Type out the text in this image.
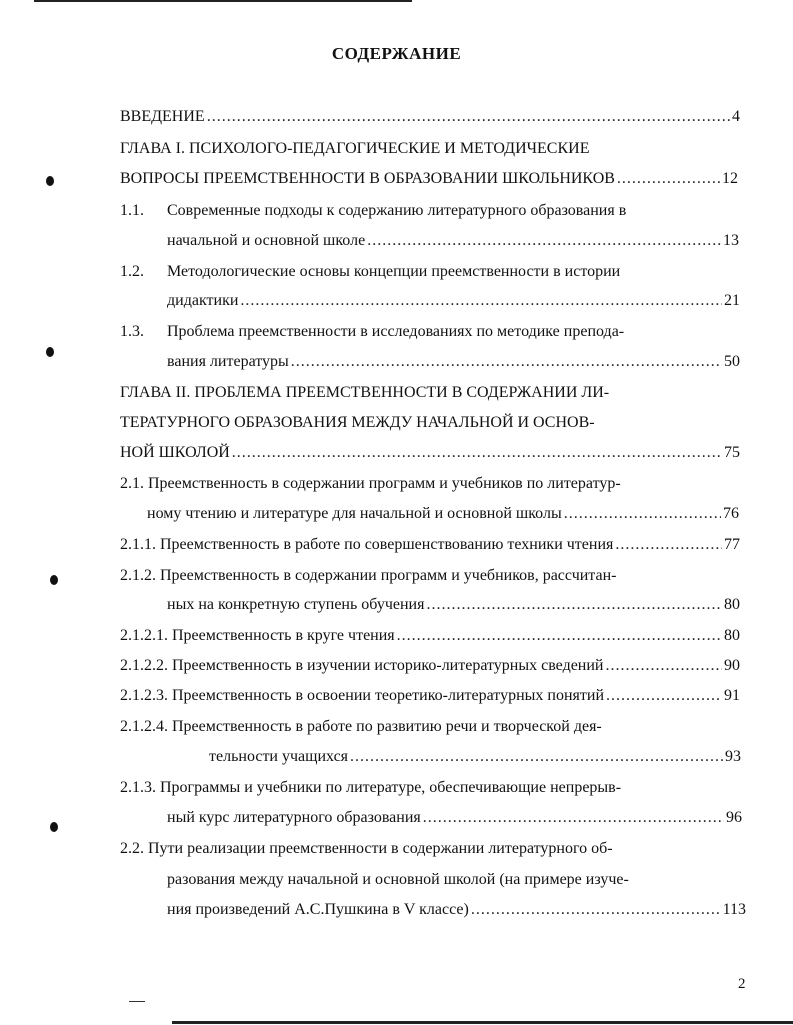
СОДЕРЖАНИЕ
ВВЕДЕНИЕ .....	4
ГЛАВА I. ПСИХОЛОГО-ПЕДАГОГИЧЕСКИЕ И МЕТОДИЧЕСКИЕ
ВОПРОСЫ ПРЕЕМСТВЕННОСТИ В ОБРАЗОВАНИИ ШКОЛЬНИКОВ .....	12
1.1. Современные подходы к содержанию литературного образования в
начальной и основной школе .....	13
1.2. Методологические основы концепции преемственности в истории
дидактики .....	21
1.3. Проблема преемственности в исследованиях по методике препода-
вания литературы .....	50
ГЛАВА II. ПРОБЛЕМА ПРЕЕМСТВЕННОСТИ В СОДЕРЖАНИИ ЛИ-
ТЕРАТУРНОГО ОБРАЗОВАНИЯ МЕЖДУ НАЧАЛЬНОЙ И ОСНОВ-
НОЙ ШКОЛОЙ .....	75
2.1. Преемственность в содержании программ и учебников по литератур-
ному чтению и литературе для начальной и основной школы .....	76
2.1.1. Преемственность в работе по совершенствованию техники чтения .....	77
2.1.2. Преемственность в содержании программ и учебников, рассчитан-
ных на конкретную ступень обучения .....	80
2.1.2.1. Преемственность в круге чтения .....	80
2.1.2.2. Преемственность в изучении историко-литературных сведений .....	90
2.1.2.3. Преемственность в освоении теоретико-литературных понятий .....	91
2.1.2.4. Преемственность в работе по развитию речи и творческой дея-
тельности учащихся .....	93
2.1.3. Программы и учебники по литературе, обеспечивающие непрерыв-
ный курс литературного образования .....	96
2.2. Пути реализации преемственности в содержании литературного об-
разования между начальной и основной школой (на примере изуче-
ния произведений А.С.Пушкина в V классе) .....	113
2
